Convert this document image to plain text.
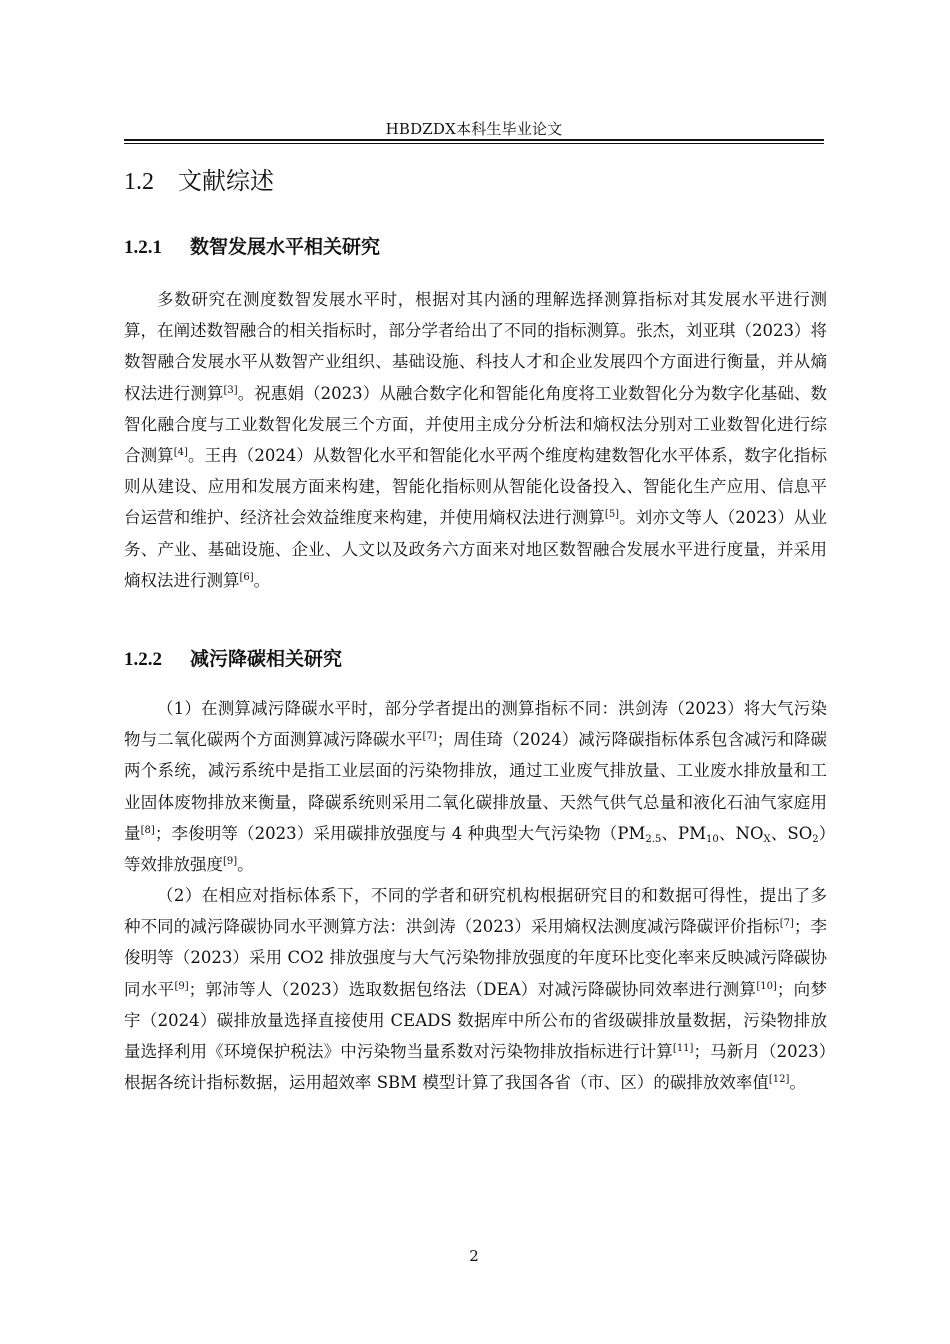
HBDZDX本科生毕业论文
1.2 文献综述
1.2.1 数智发展水平相关研究

多数研究在测度数智发展水平时，根据对其内涵的理解选择测算指标对其发展水平进行测算，在阐述数智融合的相关指标时，部分学者给出了不同的指标测算。张杰，刘亚琪（2023）将数智融合发展水平从数智产业组织、基础设施、科技人才和企业发展四个方面进行衡量，并从熵权法进行测算[3]。祝惠娟（2023）从融合数字化和智能化角度将工业数智化分为数字化基础、数智化融合度与工业数智化发展三个方面，并使用主成分分析法和熵权法分别对工业数智化进行综合测算[4]。王冉（2024）从数智化水平和智能化水平两个维度构建数智化水平体系，数字化指标则从建设、应用和发展方面来构建，智能化指标则从智能化设备投入、智能化生产应用、信息平台运营和维护、经济社会效益维度来构建，并使用熵权法进行测算[5]。刘亦文等人（2023）从业务、产业、基础设施、企业、人文以及政务六方面来对地区数智融合发展水平进行度量，并采用熵权法进行测算[6]。

1.2.2 减污降碳相关研究

（1）在测算减污降碳水平时，部分学者提出的测算指标不同：洪剑涛（2023）将大气污染物与二氧化碳两个方面测算减污降碳水平[7]；周佳琦（2024）减污降碳指标体系包含减污和降碳两个系统，减污系统中是指工业层面的污染物排放，通过工业废气排放量、工业废水排放量和工业固体废物排放来衡量，降碳系统则采用二氧化碳排放量、天然气供气总量和液化石油气家庭用量[8]；李俊明等（2023）采用碳排放强度与 4 种典型大气污染物（$PM_{2.5}$、$PM_{10}$、$NO_X$、$SO_2$）等效排放强度[9]。

（2）在相应对指标体系下，不同的学者和研究机构根据研究目的和数据可得性，提出了多种不同的减污降碳协同水平测算方法：洪剑涛（2023）采用熵权法测度减污降碳评价指标[7]；李俊明等（2023）采用 CO2 排放强度与大气污染物排放强度的年度环比变化率来反映减污降碳协同水平[9]；郭沛等人（2023）选取数据包络法（DEA）对减污降碳协同效率进行测算[10]；向梦宇（2024）碳排放量选择直接使用 CEADS 数据库中所公布的省级碳排放量数据，污染物排放量选择利用《环境保护税法》中污染物当量系数对污染物排放指标进行计算[11]；马新月（2023）根据各统计指标数据，运用超效率 SBM 模型计算了我国各省（市、区）的碳排放效率值[12]。

2
